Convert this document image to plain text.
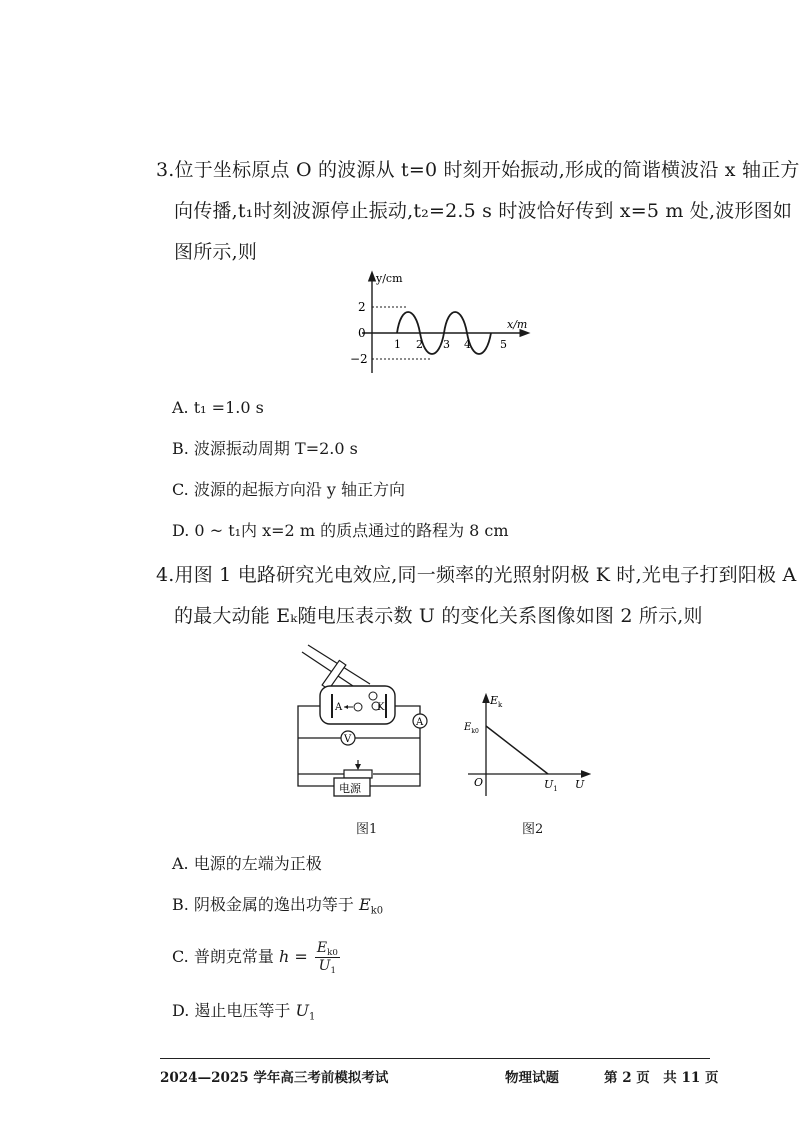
3.位于坐标原点 O 的波源从 t=0 时刻开始振动,形成的简谐横波沿 x 轴正方
向传播,t₁时刻波源停止振动,t₂=2.5 s 时波恰好传到 x=5 m 处,波形图如
图所示,则
y/cm
x/m
2
0
−2
1 2 3 4	5
A. t₁ =1.0 s
B. 波源振动周期 T=2.0 s
C. 波源的起振方向沿 y 轴正方向
D. 0 ~ t₁内 x=2 m 的质点通过的路程为 8 cm
4.用图 1 电路研究光电效应,同一频率的光照射阴极 K 时,光电子打到阳极 A
的最大动能 Eₖ随电压表示数 U 的变化关系图像如图 2 所示,则
A	K
V
A
电源
图1
$E_k$
$E_{k0}$
O	$U_1$ U
图2
A. 电源的左端为正极
B. 阴极金属的逸出功等于 $E_{k0}$
C. 普朗克常量 $h = \frac{E_{k0}}{U_1}$
D. 遏止电压等于 $U_1$
2024—2025 学年高三考前模拟考试	物理试题	第 2 页　共 11 页
